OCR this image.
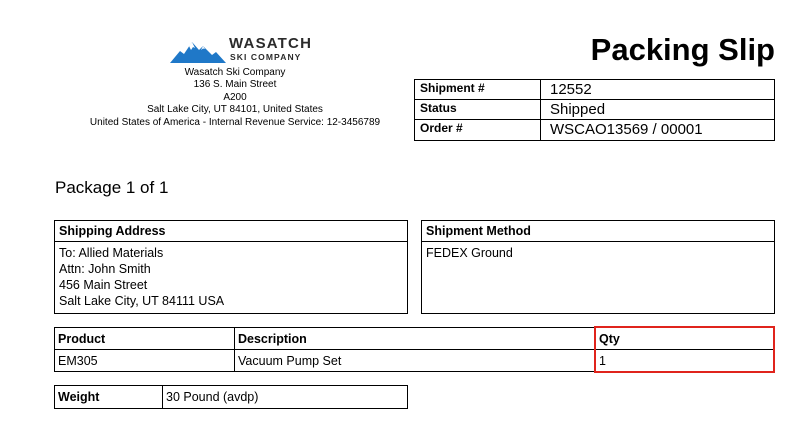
WASATCH
SKI COMPANY
Wasatch Ski Company
136 S. Main Street
A200
Salt Lake City, UT 84101, United States
United States of America - Internal Revenue Service: 12-3456789
Packing Slip
Shipment #	12552
Status	Shipped
Order #	WSCAO13569 / 00001
Package 1 of 1
Shipping Address
To: Allied Materials
Attn: John Smith
456 Main Street
Salt Lake City, UT 84111 USA
Shipment Method
FEDEX Ground
Product	Description	Qty
EM305	Vacuum Pump Set	1
Weight	30 Pound (avdp)
